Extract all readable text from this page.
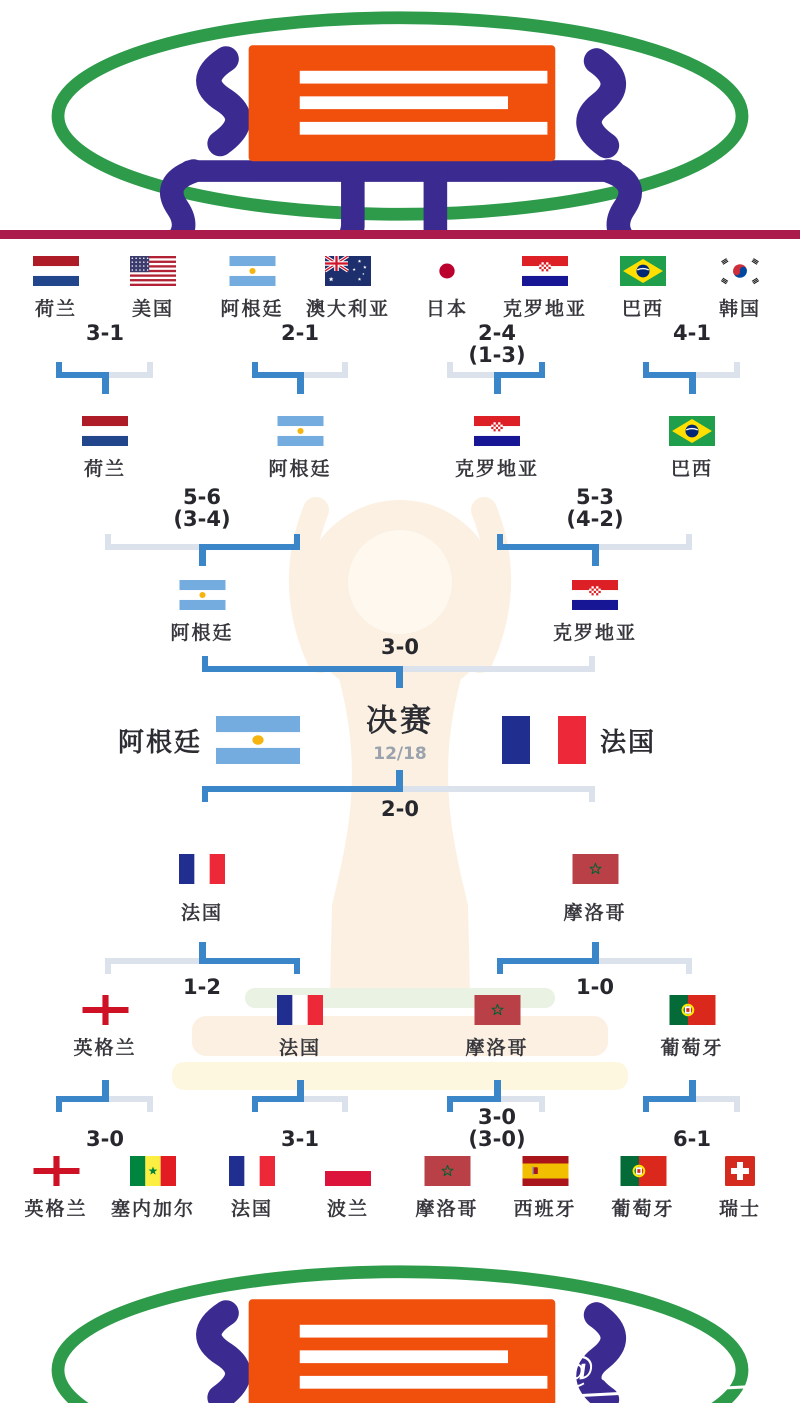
荷兰	美国 阿根廷 澳大利亚 日本 克罗地亚 巴西	韩国
3-1	2-1	2-4
(1-3)
4-1
荷兰	阿根廷	克罗地亚	巴西
5-6
(3-4)
5-3
(4-2)
阿根廷	克罗地亚
3-0
阿根廷
决赛
12/18	法国
2-0
法国	摩洛哥
1-2	1-0
英格兰	法国	摩洛哥	葡萄牙
3-0	3-1
3-0
(3-0)	6-1
英格兰 塞内加尔 法国	波兰 摩洛哥 西班牙 葡萄牙 瑞士
@…诸…
